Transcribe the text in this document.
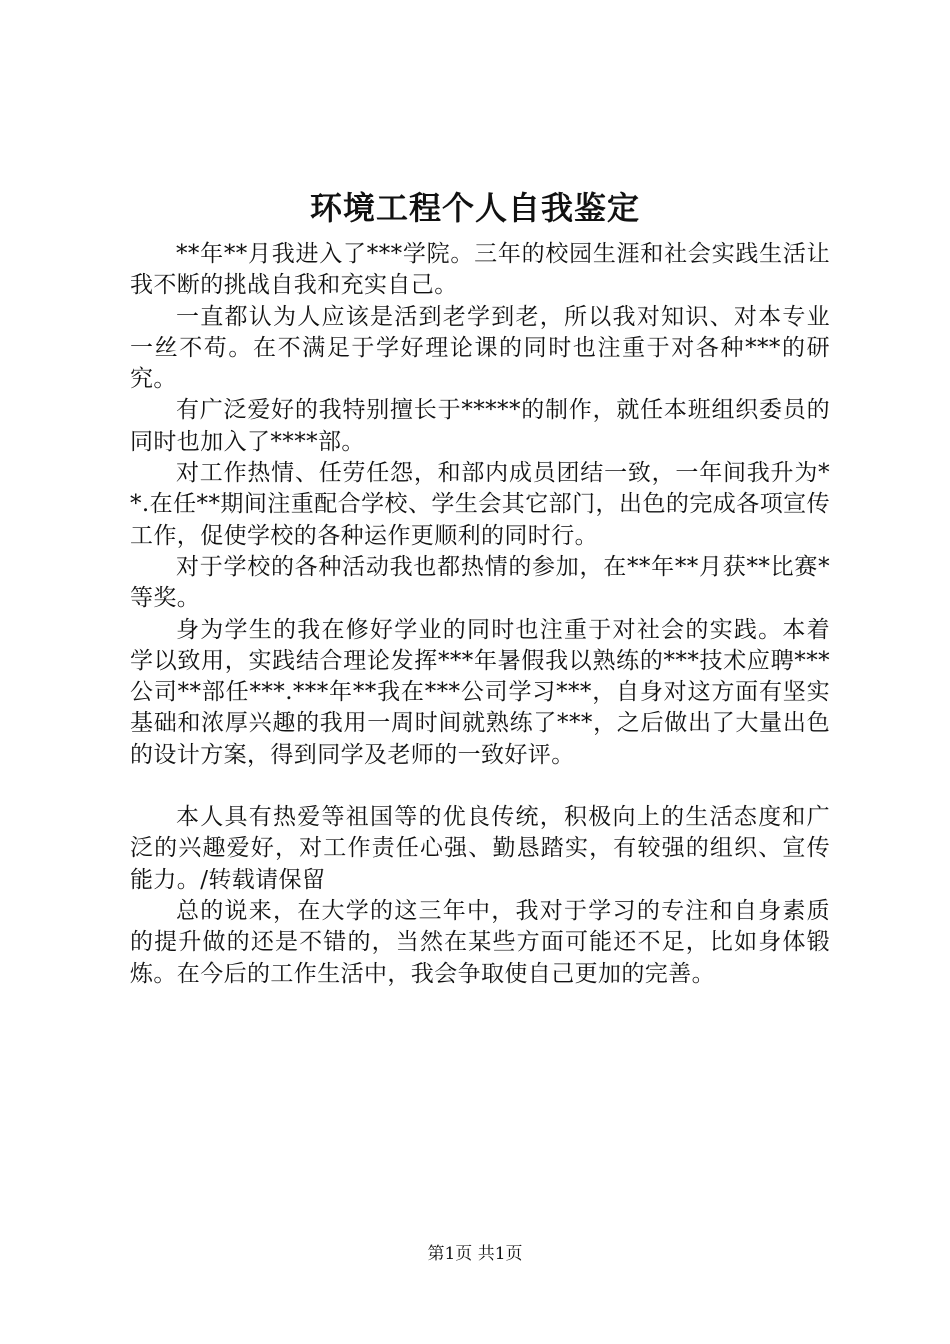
环境工程个人自我鉴定

**年**月我进入了***学院。三年的校园生涯和社会实践生活让我不断的挑战自我和充实自己。

一直都认为人应该是活到老学到老，所以我对知识、对本专业一丝不苟。在不满足于学好理论课的同时也注重于对各种***的研究。

有广泛爱好的我特别擅长于*****的制作，就任本班组织委员的同时也加入了****部。

对工作热情、任劳任怨，和部内成员团结一致，一年间我升为**.在任**期间注重配合学校、学生会其它部门，出色的完成各项宣传工作，促使学校的各种运作更顺利的同时行。

对于学校的各种活动我也都热情的参加，在**年**月获**比赛*等奖。

身为学生的我在修好学业的同时也注重于对社会的实践。本着学以致用，实践结合理论发挥***年暑假我以熟练的***技术应聘***公司**部任***.***年**我在***公司学习***，自身对这方面有坚实基础和浓厚兴趣的我用一周时间就熟练了***，之后做出了大量出色的设计方案，得到同学及老师的一致好评。

本人具有热爱等祖国等的优良传统，积极向上的生活态度和广泛的兴趣爱好，对工作责任心强、勤恳踏实，有较强的组织、宣传能力。/转载请保留

总的说来，在大学的这三年中，我对于学习的专注和自身素质的提升做的还是不错的，当然在某些方面可能还不足，比如身体锻炼。在今后的工作生活中，我会争取使自己更加的完善。

第1页 共1页
